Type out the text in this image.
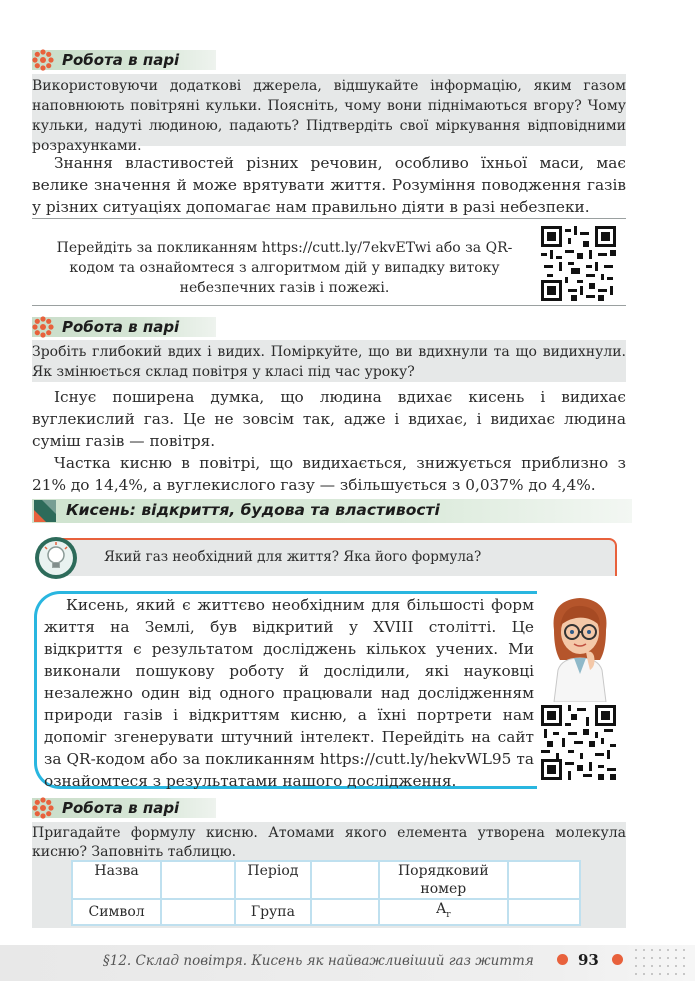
Робота в парі
Використовуючи додаткові джерела, відшукайте інформацію, яким газом наповнюють повітряні кульки. Поясніть, чому вони піднімаються вгору? Чому кульки, надуті людиною, падають? Підтвердіть свої міркування відповідними розрахунками.
Знання властивостей різних речовин, особливо їхньої маси, має велике значення й може врятувати життя. Розуміння поводження газів у різних ситуаціях допомагає нам правильно діяти в разі небезпеки.
Перейдіть за покликанням https://cutt.ly/7ekvETwi або за QR-кодом та ознайомтеся з алгоритмом дій у випадку витоку небезпечних газів і пожежі.
Робота в парі
Зробіть глибокий вдих і видих. Поміркуйте, що ви вдихнули та що видихнули. Як змінюється склад повітря у класі під час уроку?
Існує поширена думка, що людина вдихає кисень і видихає вуглекислий газ. Це не зовсім так, адже і вдихає, і видихає людина суміш газів — повітря.
Частка кисню в повітрі, що видихається, знижується приблизно з 21% до 14,4%, а вуглекислого газу — збільшується з 0,037% до 4,4%.
Кисень: відкриття, будова та властивості
Який газ необхідний для життя? Яка його формула?
Кисень, який є життєво необхідним для більшості форм життя на Землі, був відкритий у XVIII столітті. Це відкриття є результатом досліджень кількох учених. Ми виконали пошукову роботу й дослідили, які науковці незалежно один від одного працювали над дослідженням природи газів і відкриттям кисню, а їхні портрети нам допоміг згенерувати штучний інтелект. Перейдіть на сайт за QR-кодом або за покликанням https://cutt.ly/hekvWL95 та ознайомтеся з результатами нашого дослідження.
Робота в парі
Пригадайте формулу кисню. Атомами якого елемента утворена молекула кисню? Заповніть таблицю.
Назва		Період		Порядковий номер	
Символ		Група		$A_r$	
§12. Склад повітря. Кисень як найважливіший газ життя	93
